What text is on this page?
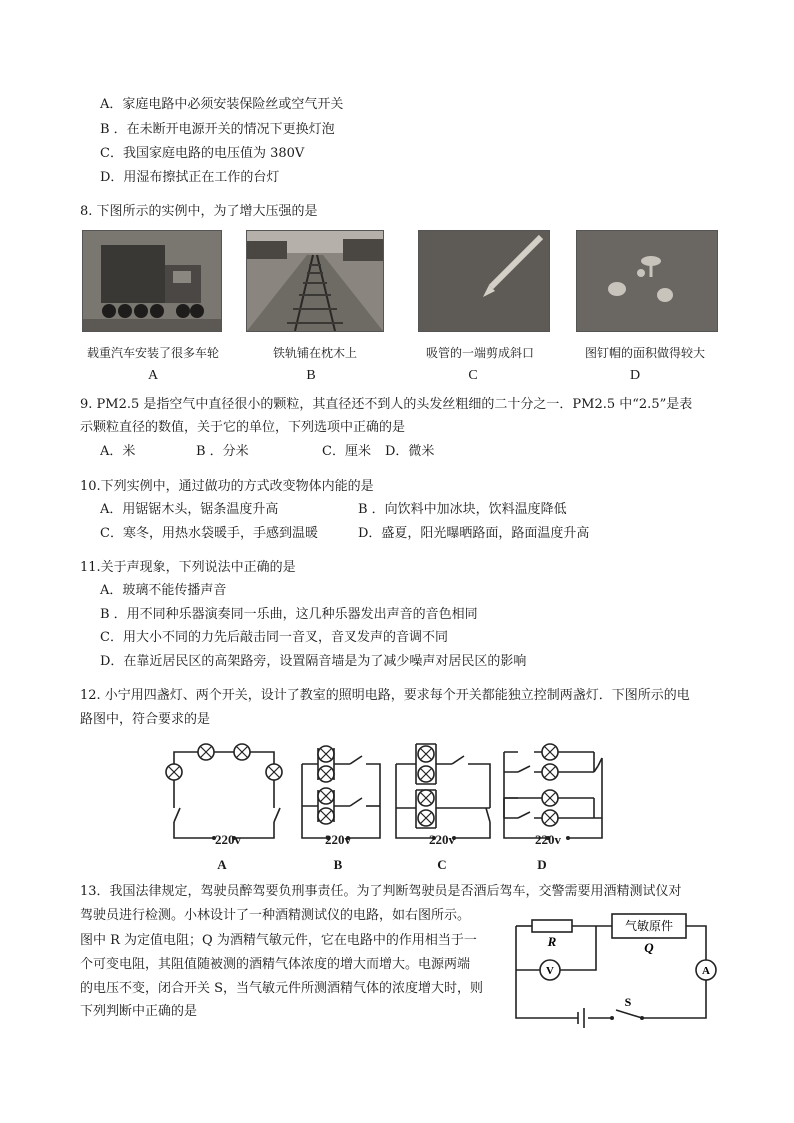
A．家庭电路中必须安装保险丝或空气开关
B ．在未断开电源开关的情况下更换灯泡
C．我国家庭电路的电压值为 380V
D．用湿布擦拭正在工作的台灯
8. 下图所示的实例中，为了增大压强的是
载重汽车安装了很多车轮	铁轨铺在枕木上	吸管的一端剪成斜口	图钉帽的面积做得较大
A	B	C	D
9. PM2.5 是指空气中直径很小的颗粒，其直径还不到人的头发丝粗细的二十分之一．PM2.5 中“2.5”是表
示颗粒直径的数值，关于它的单位，下列选项中正确的是
A．米	B ．分米	C．厘米 D．微米
10.下列实例中，通过做功的方式改变物体内能的是
A．用锯锯木头，锯条温度升高	B ．向饮料中加冰块，饮料温度降低
C．寒冬，用热水袋暖手，手感到温暖	D．盛夏，阳光曝晒路面，路面温度升高
11.关于声现象，下列说法中正确的是
A．玻璃不能传播声音
B ．用不同种乐器演奏同一乐曲，这几种乐器发出声音的音色相同
C．用大小不同的力先后敲击同一音叉，音叉发声的音调不同
D．在靠近居民区的高架路旁，设置隔音墙是为了减少噪声对居民区的影响
12. 小宁用四盏灯、两个开关，设计了教室的照明电路，要求每个开关都能独立控制两盏灯．下图所示的电
路图中，符合要求的是
220v
A
220v
B
220v
C
220v
D
13．我国法律规定，驾驶员醉驾要负刑事责任。为了判断驾驶员是否酒后驾车，交警需要用酒精测试仪对
驾驶员进行检测。小林设计了一种酒精测试仪的电路，如右图所示。
图中 R 为定值电阻；Q 为酒精气敏元件，它在电路中的作用相当于一
个可变电阻，其阻值随被测的酒精气体浓度的增大而增大。电源两端
的电压不变，闭合开关 S，当气敏元件所测酒精气体的浓度增大时，则
下列判断中正确的是
R
气敏原件
Q
V	A
S
